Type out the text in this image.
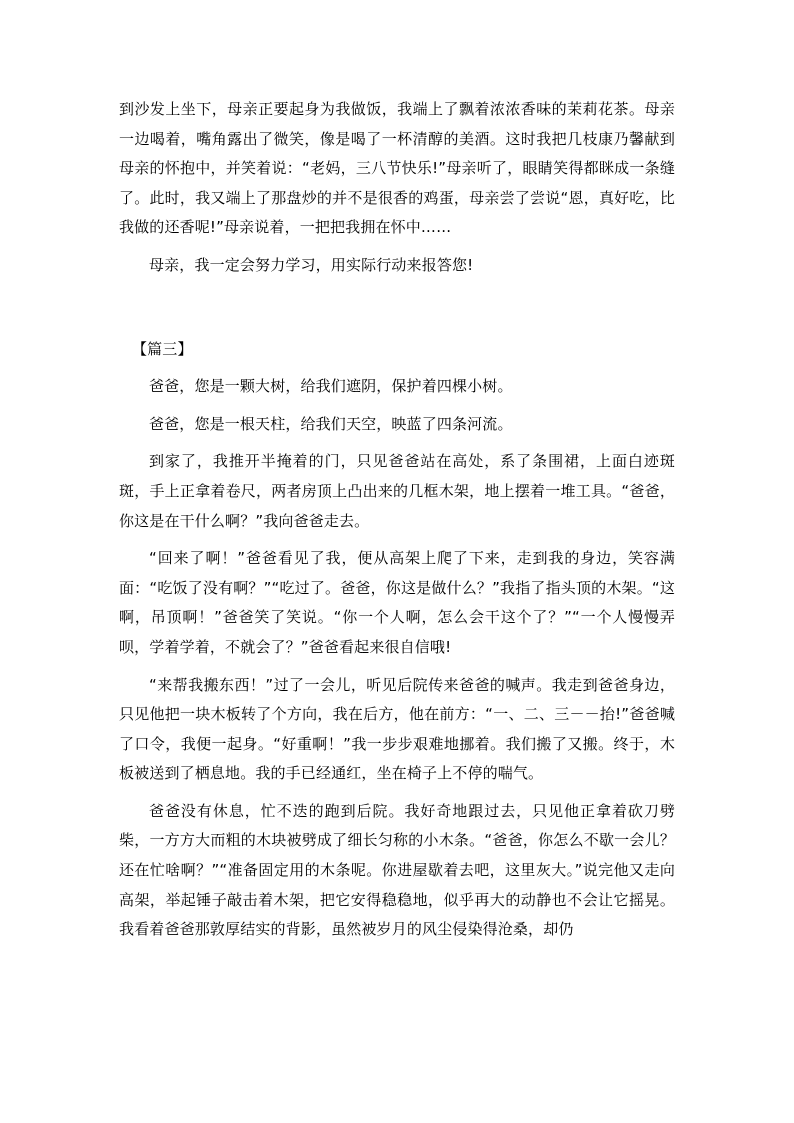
到沙发上坐下，母亲正要起身为我做饭，我端上了飘着浓浓香味的茉莉花茶。母亲一边喝着，嘴角露出了微笑，像是喝了一杯清醇的美酒。这时我把几枝康乃馨献到母亲的怀抱中，并笑着说：“老妈，三八节快乐!”母亲听了，眼睛笑得都眯成一条缝了。此时，我又端上了那盘炒的并不是很香的鸡蛋，母亲尝了尝说“恩，真好吃，比我做的还香呢!”母亲说着，一把把我拥在怀中……

母亲，我一定会努力学习，用实际行动来报答您!

【篇三】

爸爸，您是一颗大树，给我们遮阴，保护着四棵小树。

爸爸，您是一根天柱，给我们天空，映蓝了四条河流。

到家了，我推开半掩着的门，只见爸爸站在高处，系了条围裙，上面白迹斑斑，手上正拿着卷尺，两者房顶上凸出来的几框木架，地上摆着一堆工具。“爸爸，你这是在干什么啊？”我向爸爸走去。

“回来了啊！”爸爸看见了我，便从高架上爬了下来，走到我的身边，笑容满面：“吃饭了没有啊？”“吃过了。爸爸，你这是做什么？”我指了指头顶的木架。“这啊，吊顶啊！”爸爸笑了笑说。“你一个人啊，怎么会干这个了？”“一个人慢慢弄呗，学着学着，不就会了？”爸爸看起来很自信哦!

“来帮我搬东西！”过了一会儿，听见后院传来爸爸的喊声。我走到爸爸身边，只见他把一块木板转了个方向，我在后方，他在前方：“一、二、三－－抬!”爸爸喊了口令，我便一起身。“好重啊！”我一步步艰难地挪着。我们搬了又搬。终于，木板被送到了栖息地。我的手已经通红，坐在椅子上不停的喘气。

爸爸没有休息，忙不迭的跑到后院。我好奇地跟过去，只见他正拿着砍刀劈柴，一方方大而粗的木块被劈成了细长匀称的小木条。“爸爸，你怎么不歇一会儿？还在忙啥啊？”“准备固定用的木条呢。你进屋歇着去吧，这里灰大。”说完他又走向高架，举起锤子敲击着木架，把它安得稳稳地，似乎再大的动静也不会让它摇晃。我看着爸爸那敦厚结实的背影，虽然被岁月的风尘侵染得沧桑，却仍
